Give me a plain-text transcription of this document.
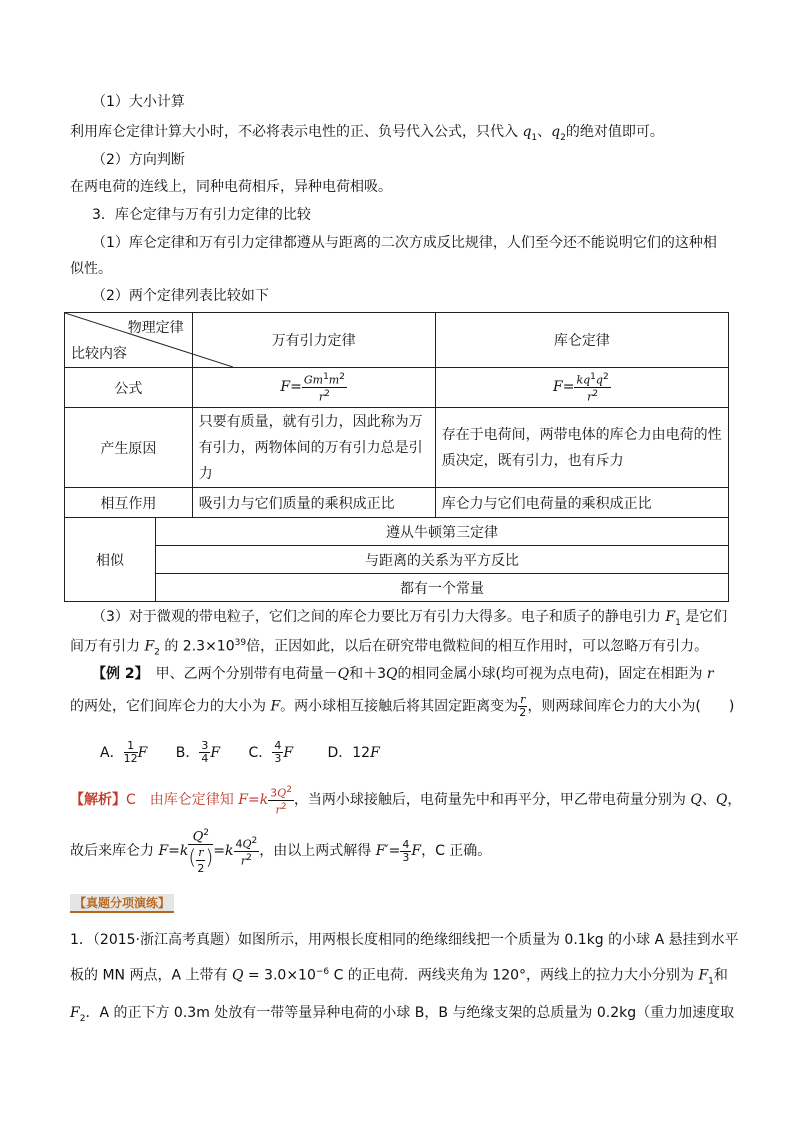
（1）大小计算
利用库仑定律计算大小时，不必将表示电性的正、负号代入公式，只代入 $q_1$、$q_2$的绝对值即可。
（2）方向判断
在两电荷的连线上，同种电荷相斥，异种电荷相吸。
3．库仑定律与万有引力定律的比较
（1）库仑定律和万有引力定律都遵从与距离的二次方成反比规律，人们至今还不能说明它们的这种相
似性。
（2）两个定律列表比较如下
物理定律
比较内容		万有引力定律	库仑定律
公式		$F= \frac{Gm^1m^2}{r^2}$	$F= \frac{kq^1q^2}{r^2}$

产生原因		只要有质量，就有引力，因此称为万有引力，两物体间的万有引力总是引力	存在于电荷间，两带电体的库仑力由电荷的性质决定，既有引力，也有斥力
相互作用		吸引力与它们质量的乘积成正比	库仑力与它们电荷量的乘积成正比
相似	遵从牛顿第三定律		
	与距离的关系为平方反比		
	都有一个常量		
（3）对于微观的带电粒子，它们之间的库仑力要比万有引力大得多。电子和质子的静电引力 $F_1$ 是它们
间万有引力 $F_2$ 的 $2.3\times 10^{39}$倍，正因如此，以后在研究带电微粒间的相互作用时，可以忽略万有引力。
【例 2】　 甲、乙两个分别带有电荷量－Q和＋3Q的相同金属小球(均可视为点电荷)，固定在相距为 r
的两处，它们间库仑力的大小为 F。两小球相互接触后将其固定距离变为 $\frac{r}{2}$ ，则两球间库仑力的大小为(　　)
A． $\frac{1}{12}$ F B． $\frac{3}{4}$ F C． $\frac{4}{3}$ F D．12F
【解析】C　由库仑定律知 $F=k \frac{3Q^2}{r^2}$ ，当两小球接触后，电荷量先中和再平分，甲乙带电荷量分别为 Q、Q，
故后来库仑力 $F=k \frac{Q^2}{( \frac{r}{2} )} =k \frac{4Q^2}{r^2}$ ，由以上两式解得 $F'= \frac{4}{3}$ F，C 正确。
【真题分项演练】
1．（2015·浙江高考真题）如图所示，用两根长度相同的绝缘细线把一个质量为 0.1kg 的小球 A 悬挂到水平
板的 MN 两点，A 上带有 $Q = 3.0\times 10^{-6}$ C 的正电荷．两线夹角为 120°，两线上的拉力大小分别为 $F_1$和
$F_2$．A 的正下方 0.3m 处放有一带等量异种电荷的小球 B，B 与绝缘支架的总质量为 0.2kg（重力加速度取
